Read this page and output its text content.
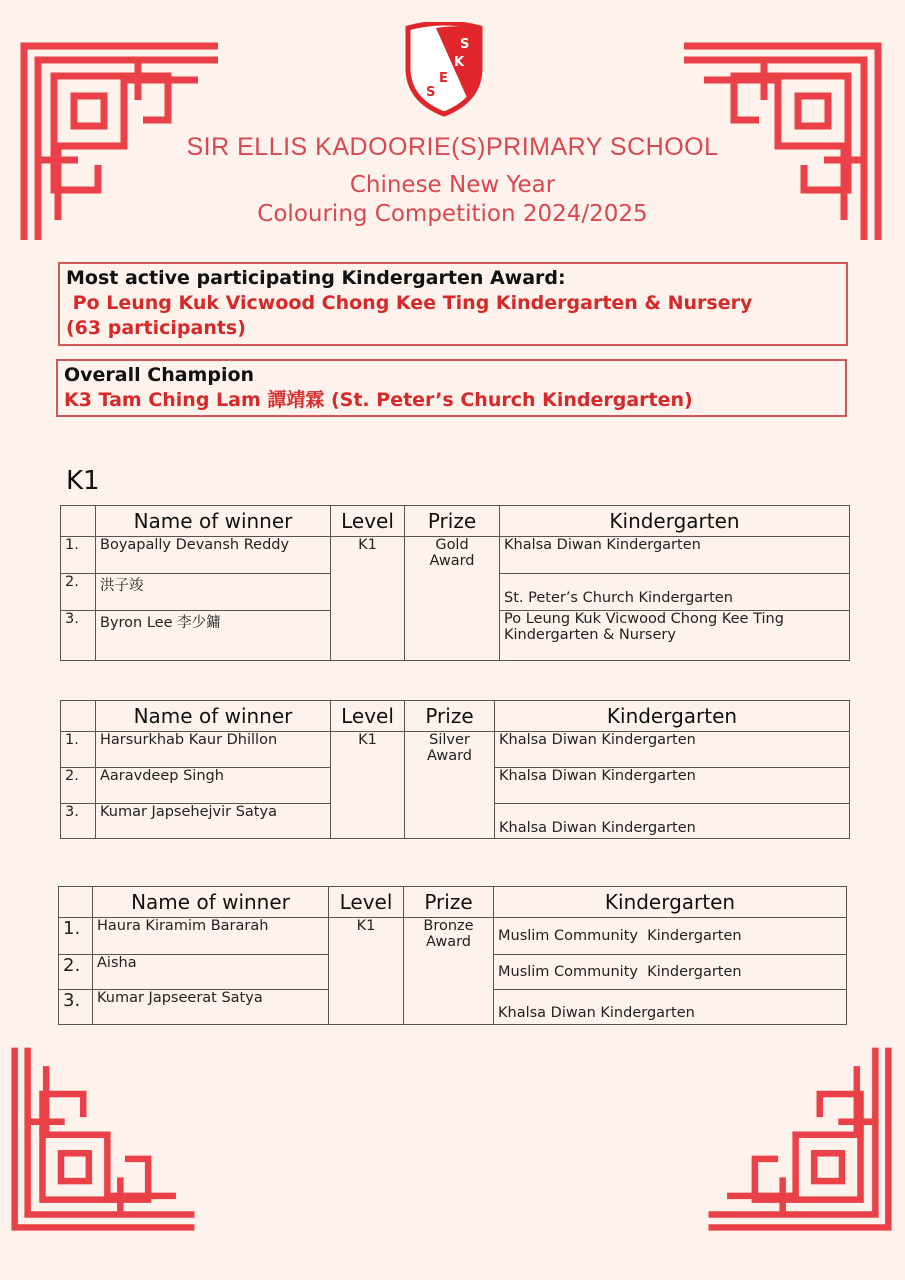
S
K
E
S
SIR ELLIS KADOORIE(S)PRIMARY SCHOOL
Chinese New Year
Colouring Competition 2024/2025
Most active participating Kindergarten Award:
Po Leung Kuk Vicwood Chong Kee Ting Kindergarten & Nursery
(63 participants)
Overall Champion
K3 Tam Ching Lam 譚靖霖 (St. Peter’s Church Kindergarten)
K1
	Name of winner	Level	Prize	Kindergarten
1.	Boyapally Devansh Reddy	K1	Gold Award	Khalsa Diwan Kindergarten
2.	洪子竣			St. Peter’s Church Kindergarten
3.	Byron Lee 李少鏞			Po Leung Kuk Vicwood Chong Kee Ting Kindergarten & Nursery
	Name of winner	Level	Prize	Kindergarten
1.	Harsurkhab Kaur Dhillon	K1	Silver Award	Khalsa Diwan Kindergarten
2.	Aaravdeep Singh			Khalsa Diwan Kindergarten
3.	Kumar Japsehejvir Satya			Khalsa Diwan Kindergarten
	Name of winner	Level	Prize	Kindergarten
1.	Haura Kiramim Bararah	K1	Bronze Award	Muslim Community  Kindergarten
2.	Aisha			Muslim Community  Kindergarten
3.	Kumar Japseerat Satya			Khalsa Diwan Kindergarten
